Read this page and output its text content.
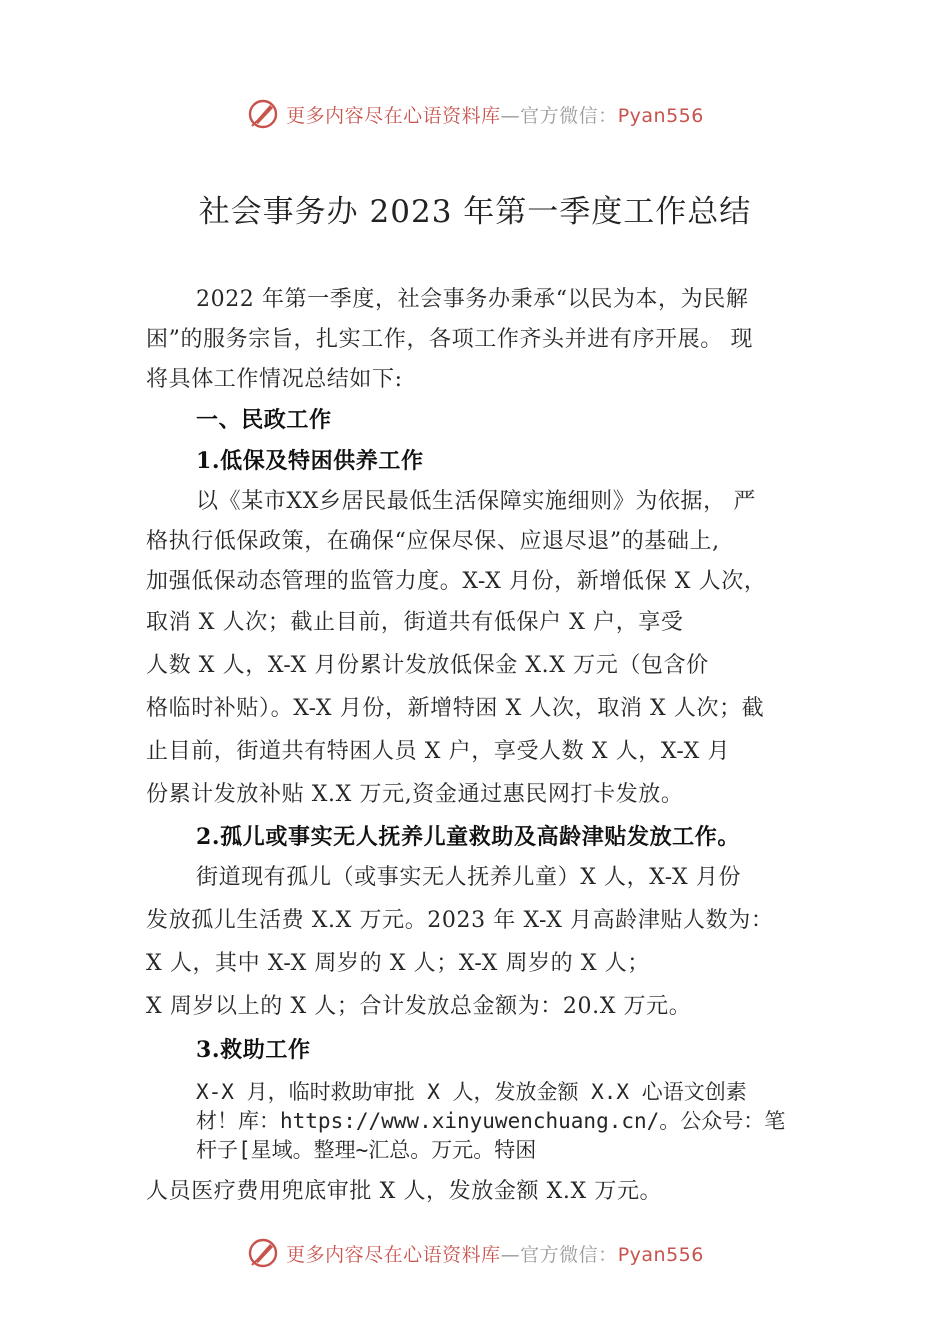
更多内容尽在心语资料库—官方微信：Pyan556
社会事务办 2023 年第一季度工作总结
2022 年第一季度，社会事务办秉承“以民为本，为民解
困”的服务宗旨，扎实工作，各项工作齐头并进有序开展。 现
将具体工作情况总结如下:
一、民政工作
1.低保及特困供养工作
以《某市XX乡居民最低生活保障实施细则》为依据， 严
格执行低保政策，在确保“应保尽保、应退尽退”的基础上,
加强低保动态管理的监管力度。X-X 月份，新增低保 X 人次，
取消 X 人次；截止目前，街道共有低保户 X 户，享受
人数 X 人，X-X 月份累计发放低保金 X.X 万元（包含价
格临时补贴）。X-X 月份，新增特困 X 人次，取消 X 人次；截
止目前，街道共有特困人员 X 户，享受人数 X 人，X-X 月
份累计发放补贴 X.X 万元,资金通过惠民网打卡发放。
2.孤儿或事实无人抚养儿童救助及高龄津贴发放工作。
街道现有孤儿（或事实无人抚养儿童）X 人，X-X 月份
发放孤儿生活费 X.X 万元。2023 年 X-X 月高龄津贴人数为：
X 人，其中 X-X 周岁的 X 人；X-X 周岁的 X 人；
X 周岁以上的 X 人；合计发放总金额为：20.X 万元。
3.救助工作
X-X 月，临时救助审批 X 人，发放金额 X.X 心语文创素
材！库：https://www.xinyuwenchuang.cn/。公众号：笔
杆子[星域。整理~汇总。万元。特困
人员医疗费用兜底审批 X 人，发放金额 X.X 万元。
更多内容尽在心语资料库—官方微信：Pyan556
